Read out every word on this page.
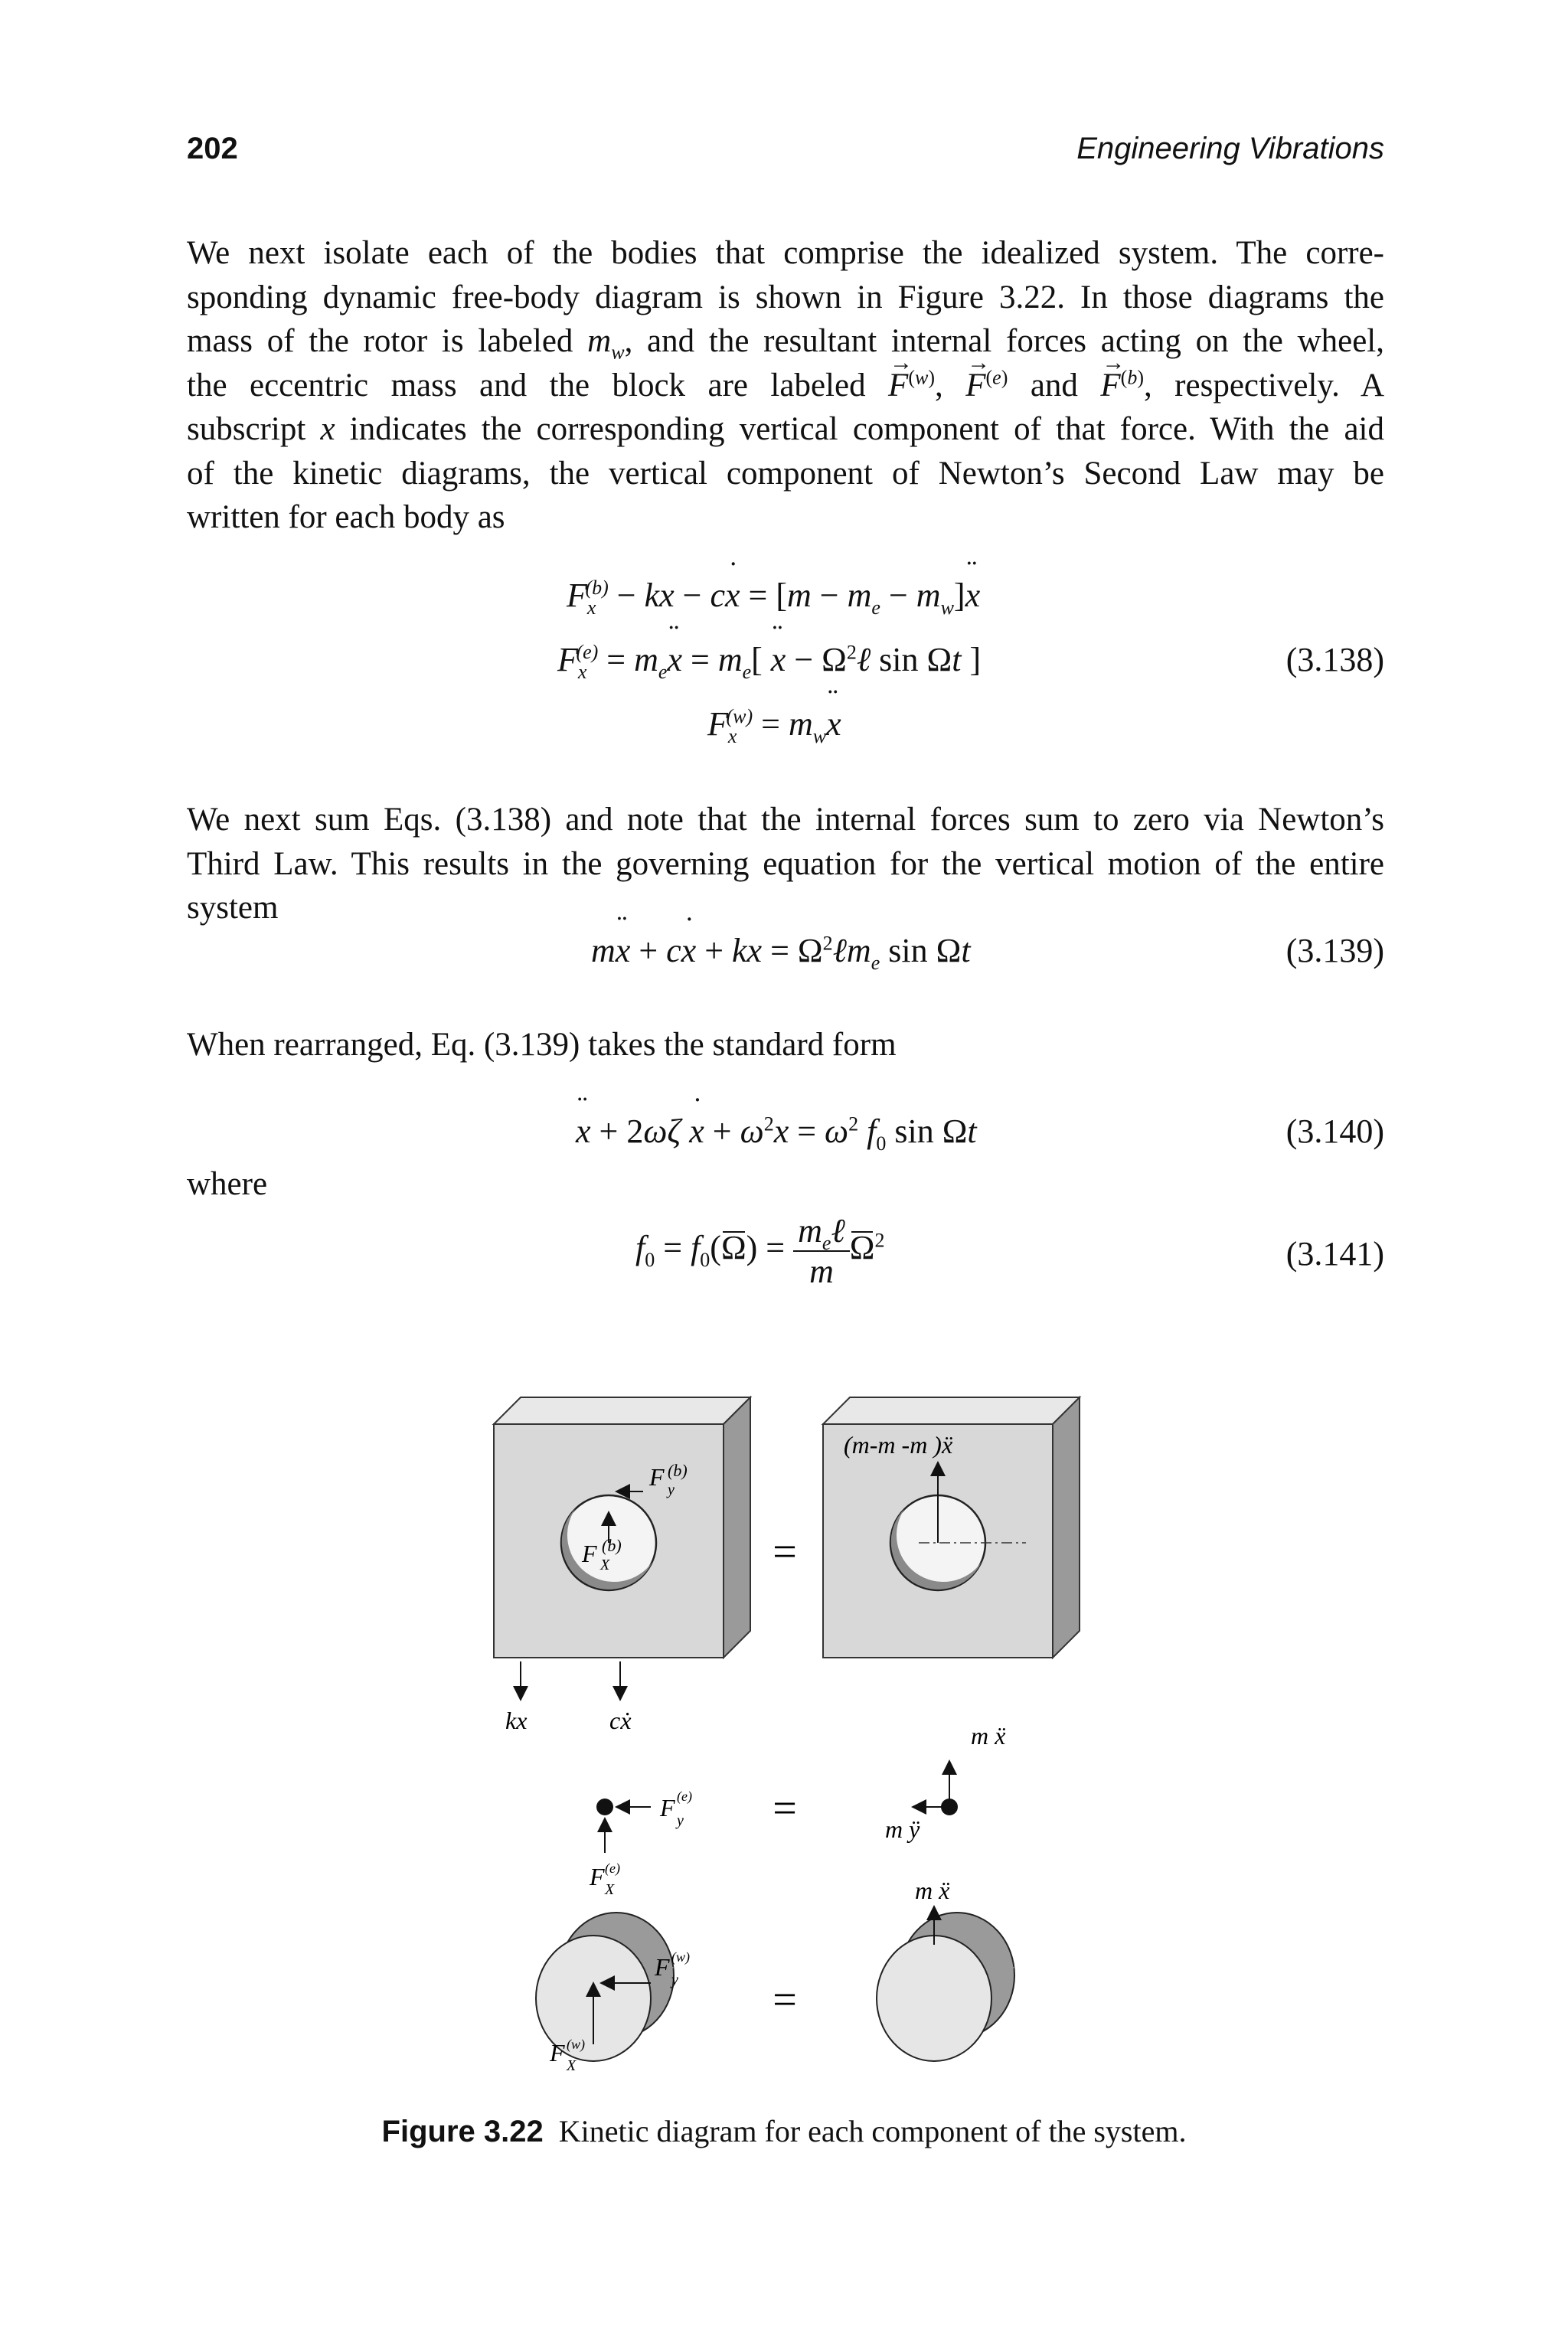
202	Engineering Vibrations
We next isolate each of the bodies that comprise the idealized system. The corre-
sponding dynamic free-body diagram is shown in Figure 3.22. In those diagrams the
mass of the rotor is labeled $m_w$, and the resultant internal forces acting on the wheel,
the eccentric mass and the block are labeled → $F^{(w)}$, → $F^{(e)}$ and → $F^{(b)}$, respectively. A
subscript x indicates the corresponding vertical component of that force. With the aid
of the kinetic diagrams, the vertical component of Newton’s Second Law may be
written for each body as
$F_x^{(b)}$ − kx − c˙ $x = [m - m_e$ − $m_w]¨$ x
$F_x^{(e)}$ = $m_e¨$ $x = m_e$[ ¨ $x - \Omega^2\ell$ sin Ωt ]	(3.138)
$F_x^{(w)}$ = $m_w¨$ x
We next sum Eqs. (3.138) and note that the internal forces sum to zero via Newton’s
Third Law. This results in the governing equation for the vertical motion of the entire
system
m¨ x + c˙ x + kx = $\Omega^2\ell m_e$ sin Ωt	(3.139)
When rearranged, Eq. (3.139) takes the standard form
¨ x + 2ωζ ˙ $x + \omega^2x = \omega^2$ $f_0$ sin Ωt	(3.140)
where
$f_0 = f_0(\Omega) = \frac{m_e\ell}{m} \Omega^2$	(3.141)
F (b)
y
F (b)
X
kx	cẋ
=
=
=
(m-m -m )ẍ
F (e)
y
F (e)
X
m ẍ
m ÿ
F (w)
y
F (w)
X
m ẍ
Figure 3.22 Kinetic diagram for each component of the system.
